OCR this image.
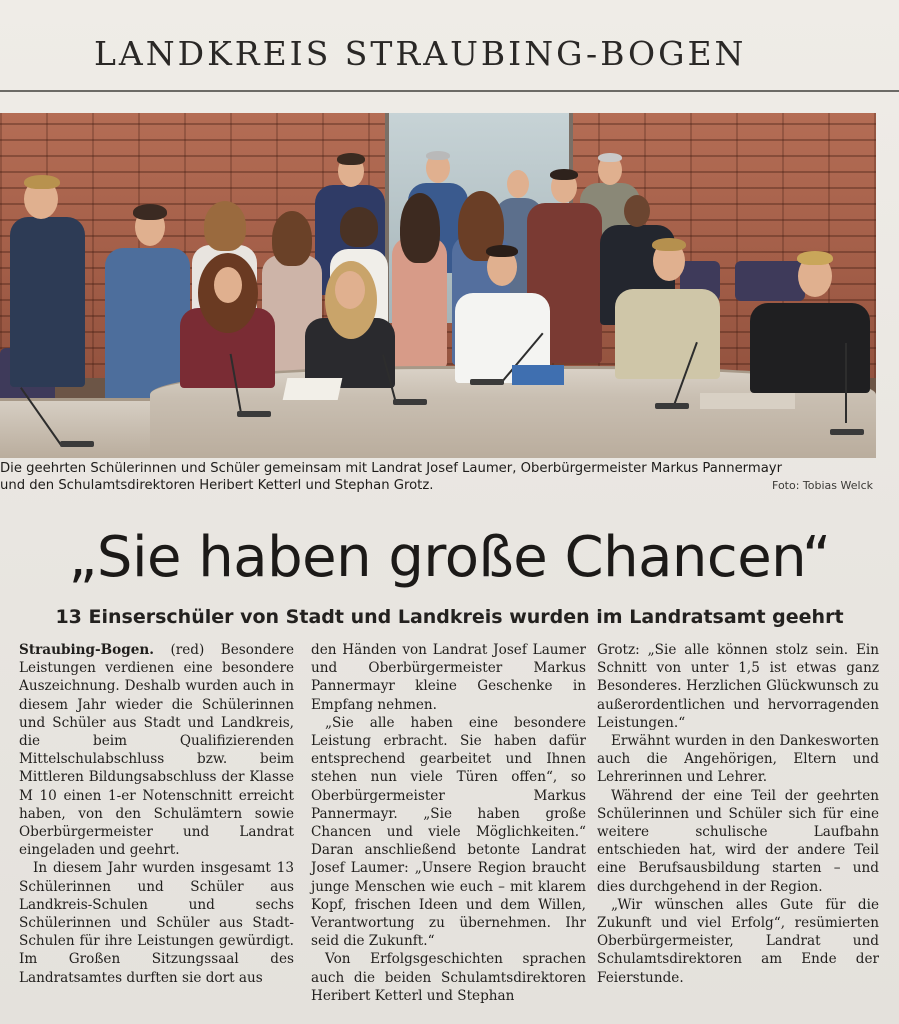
LANDKREIS STRAUBING-BOGEN
Die geehrten Schülerinnen und Schüler gemeinsam mit Landrat Josef Laumer, Oberbürgermeister Markus Pannermayr
und den Schulamtsdirektoren Heribert Ketterl und Stephan Grotz.	Foto: Tobias Welck
„Sie haben große Chancen“
13 Einserschüler von Stadt und Landkreis wurden im Landratsamt geehrt

Straubing-Bogen. (red) Besondere Leistungen verdienen eine besondere Auszeichnung. Deshalb wurden auch in diesem Jahr wieder die Schülerinnen und Schüler aus Stadt und Landkreis, die beim Qualifizierenden Mittelschulabschluss bzw. beim Mittleren Bildungsabschluss der Klasse M 10 einen 1-er Notenschnitt erreicht haben, von den Schulämtern sowie Oberbürgermeister und Landrat eingeladen und geehrt.

In diesem Jahr wurden insgesamt 13 Schülerinnen und Schüler aus Landkreis-Schulen und sechs Schülerinnen und Schüler aus Stadt-Schulen für ihre Leistungen gewürdigt. Im Großen Sitzungssaal des Landratsamtes durften sie dort aus

den Händen von Landrat Josef Laumer und Oberbürgermeister Markus Pannermayr kleine Geschenke in Empfang nehmen.

„Sie alle haben eine besondere Leistung erbracht. Sie haben dafür entsprechend gearbeitet und Ihnen stehen nun viele Türen offen“, so Oberbürgermeister Markus Pannermayr. „Sie haben große Chancen und viele Möglichkeiten.“ Daran anschließend betonte Landrat Josef Laumer: „Unsere Region braucht junge Menschen wie euch – mit klarem Kopf, frischen Ideen und dem Willen, Verantwortung zu übernehmen. Ihr seid die Zukunft.“

Von Erfolgsgeschichten sprachen auch die beiden Schulamtsdirektoren Heribert Ketterl und Stephan

Grotz: „Sie alle können stolz sein. Ein Schnitt von unter 1,5 ist etwas ganz Besonderes. Herzlichen Glückwunsch zu außerordentlichen und hervorragenden Leistungen.“

Erwähnt wurden in den Dankesworten auch die Angehörigen, Eltern und Lehrerinnen und Lehrer.

Während der eine Teil der geehrten Schülerinnen und Schüler sich für eine weitere schulische Laufbahn entschieden hat, wird der andere Teil eine Berufsausbildung starten – und dies durchgehend in der Region.

„Wir wünschen alles Gute für die Zukunft und viel Erfolg“, resümierten Oberbürgermeister, Landrat und Schulamtsdirektoren am Ende der Feierstunde.
